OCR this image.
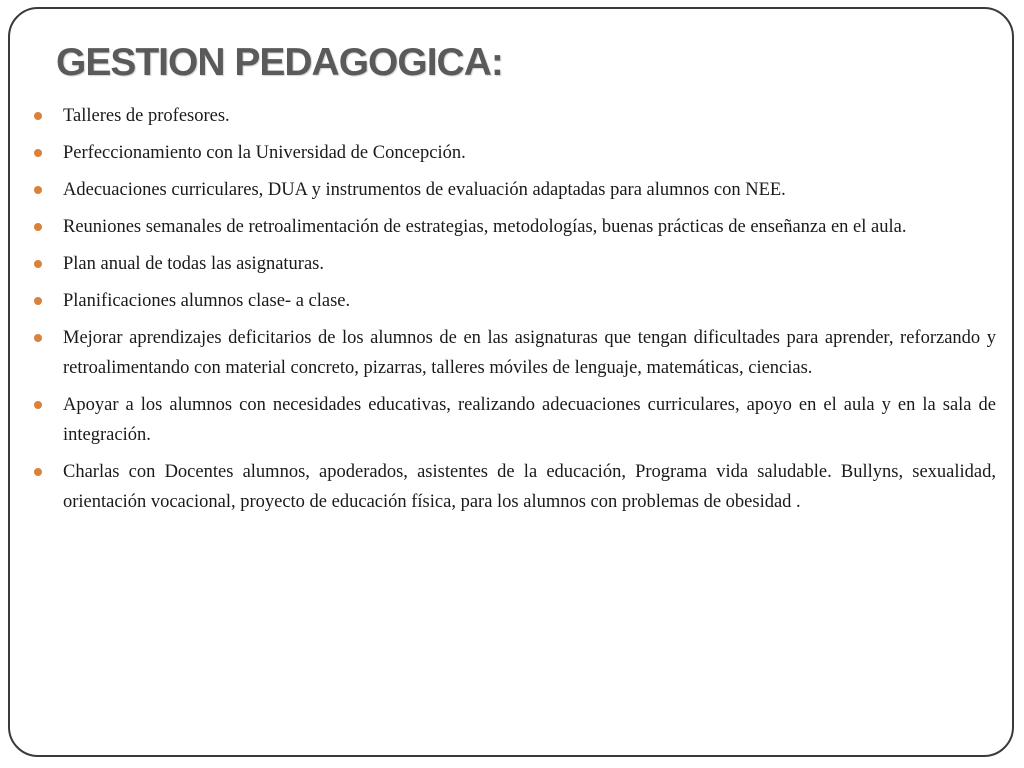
GESTION PEDAGOGICA:
Talleres de profesores.
Perfeccionamiento con la Universidad de Concepción.
Adecuaciones curriculares, DUA y instrumentos de evaluación adaptadas para alumnos con NEE.
Reuniones semanales de retroalimentación de estrategias, metodologías, buenas prácticas de enseñanza en el aula.
Plan anual de todas las asignaturas.
Planificaciones alumnos clase- a clase.
Mejorar aprendizajes deficitarios de los alumnos de en las asignaturas que tengan dificultades para aprender, reforzando y retroalimentando con material concreto, pizarras, talleres móviles de lenguaje, matemáticas, ciencias.
Apoyar a los alumnos con necesidades educativas, realizando adecuaciones curriculares, apoyo en el aula y en la sala de integración.
Charlas con Docentes alumnos, apoderados, asistentes de la educación, Programa vida saludable. Bullyns, sexualidad, orientación vocacional, proyecto de educación física, para los alumnos con problemas de obesidad .
